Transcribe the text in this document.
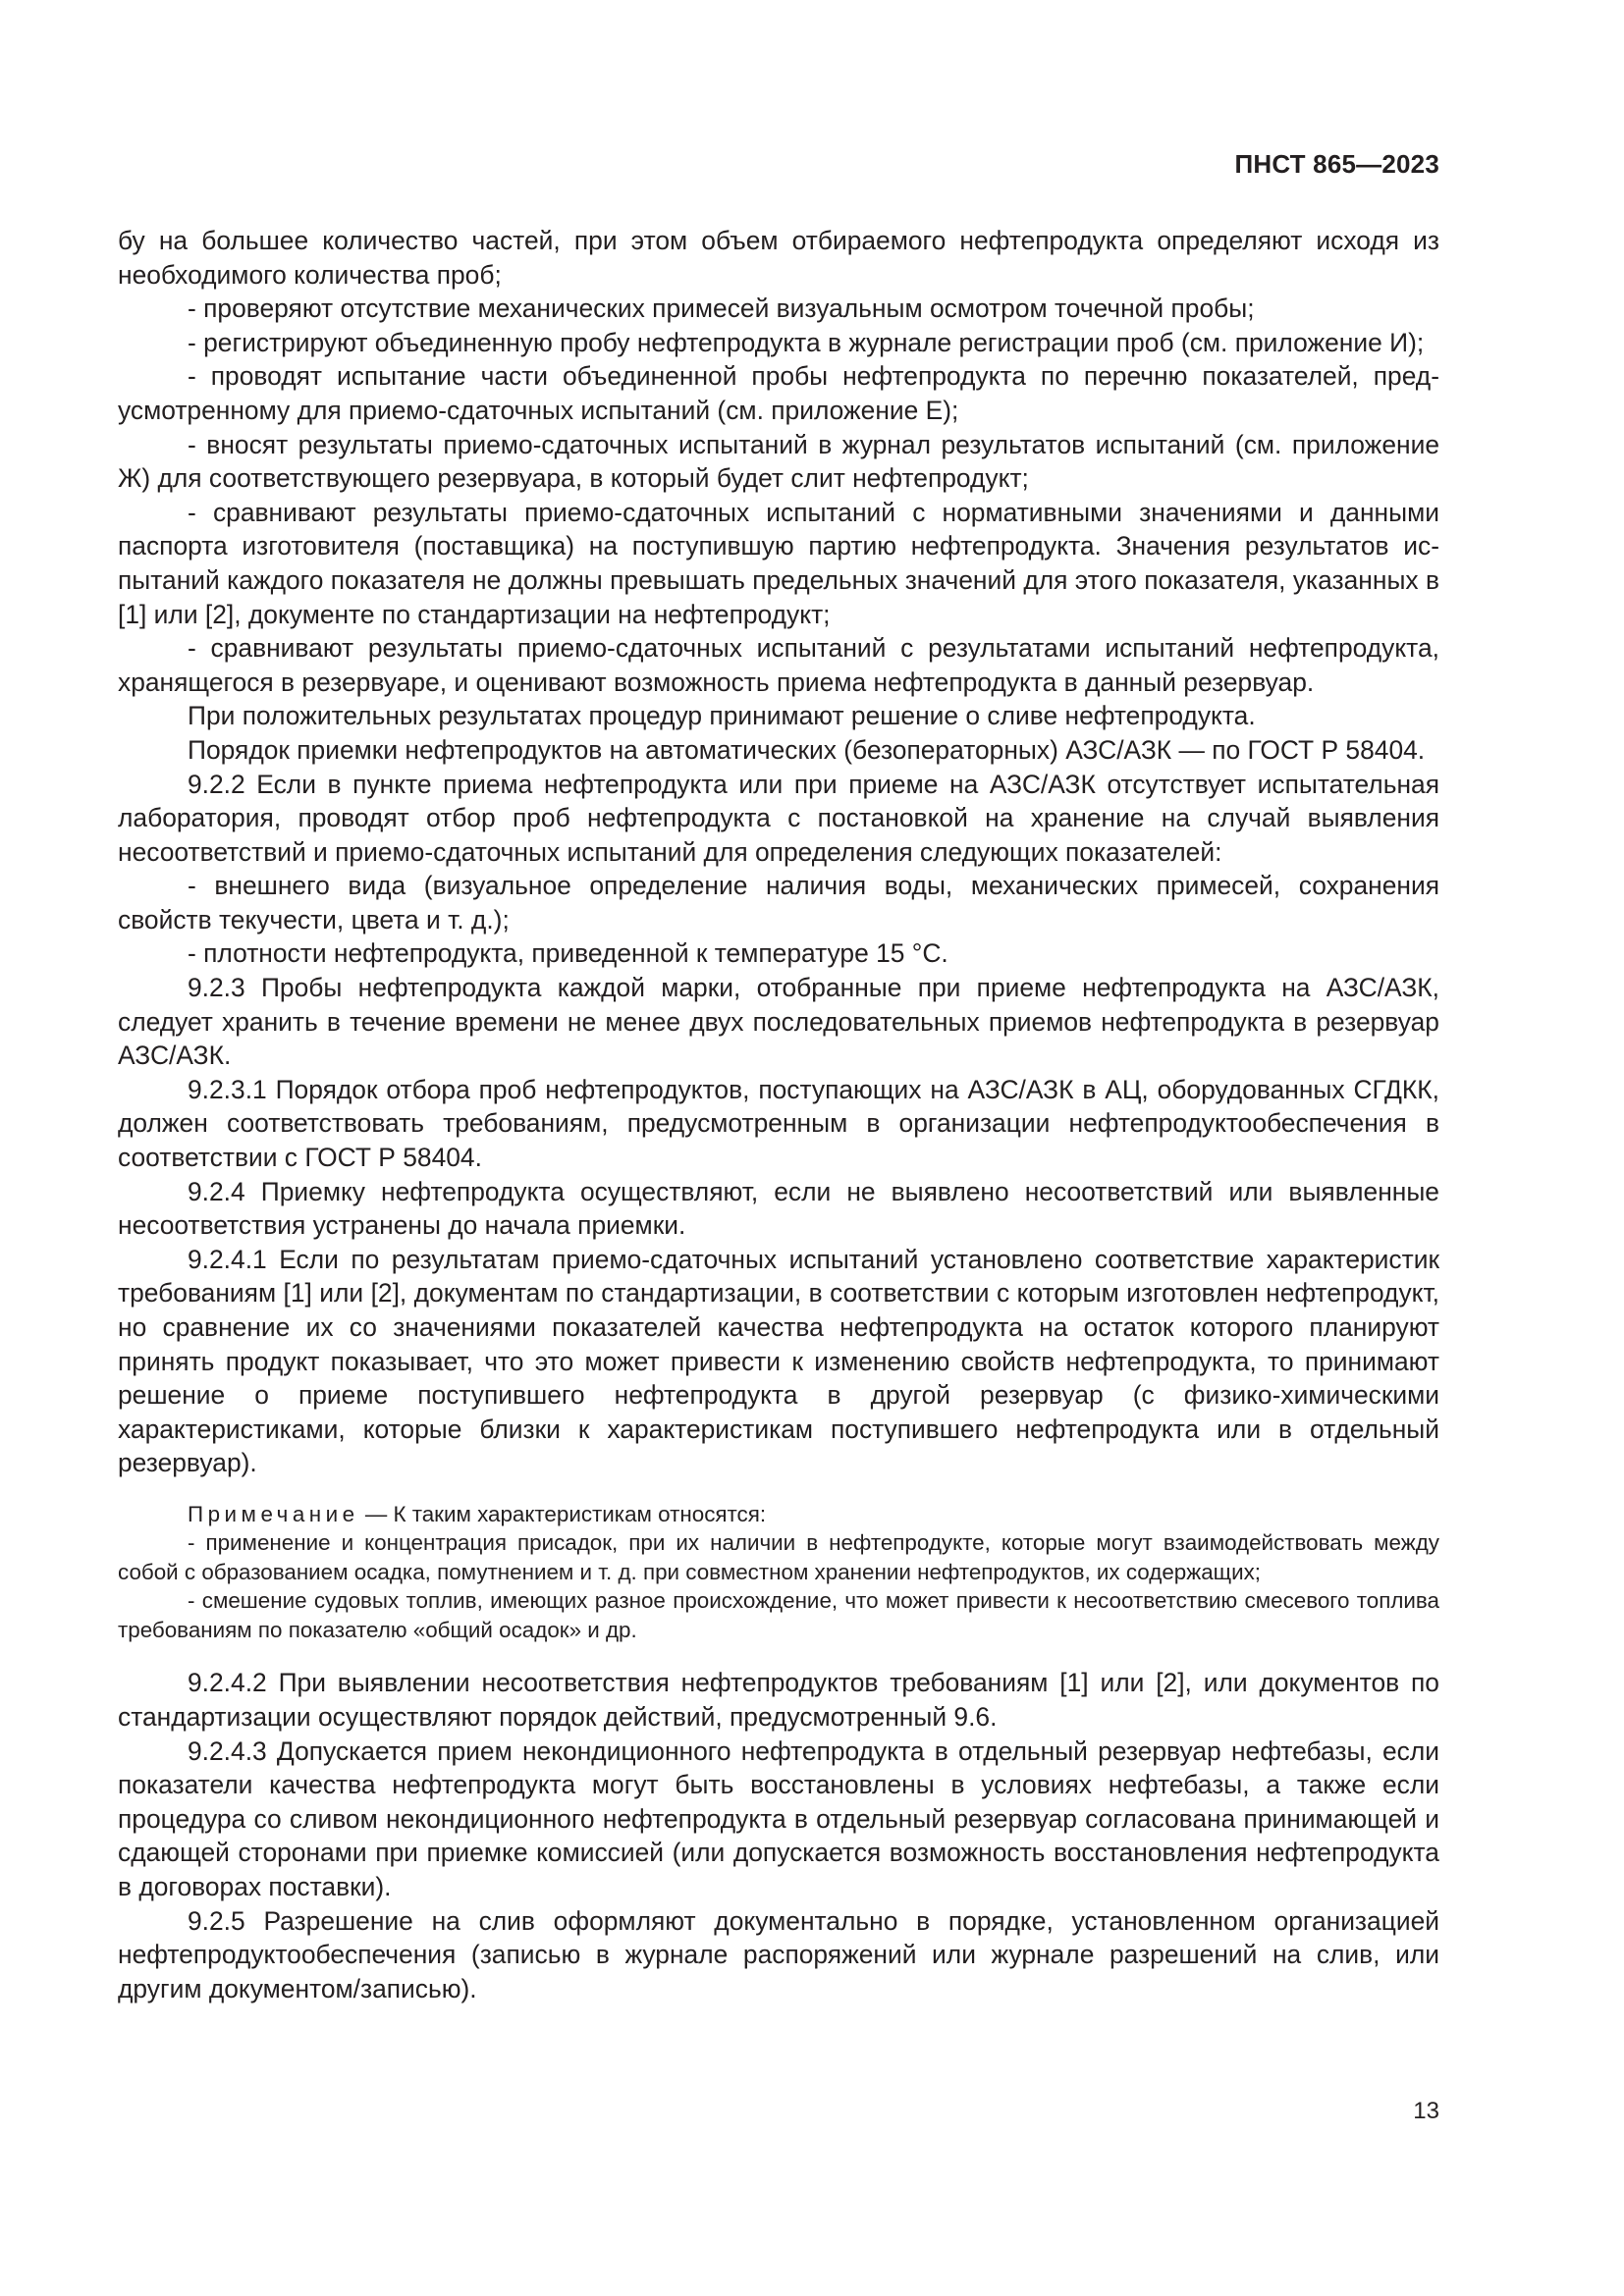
ПНСТ 865—2023

бу на большее количество частей, при этом объем отбираемого нефтепродукта определяют исходя из необходимого количества проб;

- проверяют отсутствие механических примесей визуальным осмотром точечной пробы;

- регистрируют объединенную пробу нефтепродукта в журнале регистрации проб (см. приложение И);

- проводят испытание части объединенной пробы нефтепродукта по перечню показателей, предусмотренному для приемо-сдаточных испытаний (см. приложение Е);

- вносят результаты приемо-сдаточных испытаний в журнал результатов испытаний (см. приложение Ж) для соответствующего резервуара, в который будет слит нефтепродукт;

- сравнивают результаты приемо-сдаточных испытаний с нормативными значениями и данными паспорта изготовителя (поставщика) на поступившую партию нефтепродукта. Значения результатов испытаний каждого показателя не должны превышать предельных значений для этого показателя, указанных в [1] или [2], документе по стандартизации на нефтепродукт;

- сравнивают результаты приемо-сдаточных испытаний с результатами испытаний нефтепродукта, хранящегося в резервуаре, и оценивают возможность приема нефтепродукта в данный резервуар.

При положительных результатах процедур принимают решение о сливе нефтепродукта.

Порядок приемки нефтепродуктов на автоматических (безоператорных) АЗС/АЗК — по ГОСТ Р 58404.

9.2.2 Если в пункте приема нефтепродукта или при приеме на АЗС/АЗК отсутствует испытательная лаборатория, проводят отбор проб нефтепродукта с постановкой на хранение на случай выявления несоответствий и приемо-сдаточных испытаний для определения следующих показателей:

- внешнего вида (визуальное определение наличия воды, механических примесей, сохранения свойств текучести, цвета и т. д.);

- плотности нефтепродукта, приведенной к температуре 15 °С.

9.2.3 Пробы нефтепродукта каждой марки, отобранные при приеме нефтепродукта на АЗС/АЗК, следует хранить в течение времени не менее двух последовательных приемов нефтепродукта в резервуар АЗС/АЗК.

9.2.3.1 Порядок отбора проб нефтепродуктов, поступающих на АЗС/АЗК в АЦ, оборудованных СГДКК, должен соответствовать требованиям, предусмотренным в организации нефтепродуктообеспечения в соответствии с ГОСТ Р 58404.

9.2.4 Приемку нефтепродукта осуществляют, если не выявлено несоответствий или выявленные несоответствия устранены до начала приемки.

9.2.4.1 Если по результатам приемо-сдаточных испытаний установлено соответствие характеристик требованиям [1] или [2], документам по стандартизации, в соответствии с которым изготовлен нефтепродукт, но сравнение их со значениями показателей качества нефтепродукта на остаток которого планируют принять продукт показывает, что это может привести к изменению свойств нефтепродукта, то принимают решение о приеме поступившего нефтепродукта в другой резервуар (с физико-химическими характеристиками, которые близки к характеристикам поступившего нефтепродукта или в отдельный резервуар).

Примечание — К таким характеристикам относятся:

- применение и концентрация присадок, при их наличии в нефтепродукте, которые могут взаимодействовать между собой с образованием осадка, помутнением и т. д. при совместном хранении нефтепродуктов, их содержащих;

- смешение судовых топлив, имеющих разное происхождение, что может привести к несоответствию смесевого топлива требованиям по показателю «общий осадок» и др.

9.2.4.2 При выявлении несоответствия нефтепродуктов требованиям [1] или [2], или документов по стандартизации осуществляют порядок действий, предусмотренный 9.6.

9.2.4.3 Допускается прием некондиционного нефтепродукта в отдельный резервуар нефтебазы, если показатели качества нефтепродукта могут быть восстановлены в условиях нефтебазы, а также если процедура со сливом некондиционного нефтепродукта в отдельный резервуар согласована принимающей и сдающей сторонами при приемке комиссией (или допускается возможность восстановления нефтепродукта в договорах поставки).

9.2.5 Разрешение на слив оформляют документально в порядке, установленном организацией нефтепродуктообеспечения (записью в журнале распоряжений или журнале разрешений на слив, или другим документом/записью).

13
